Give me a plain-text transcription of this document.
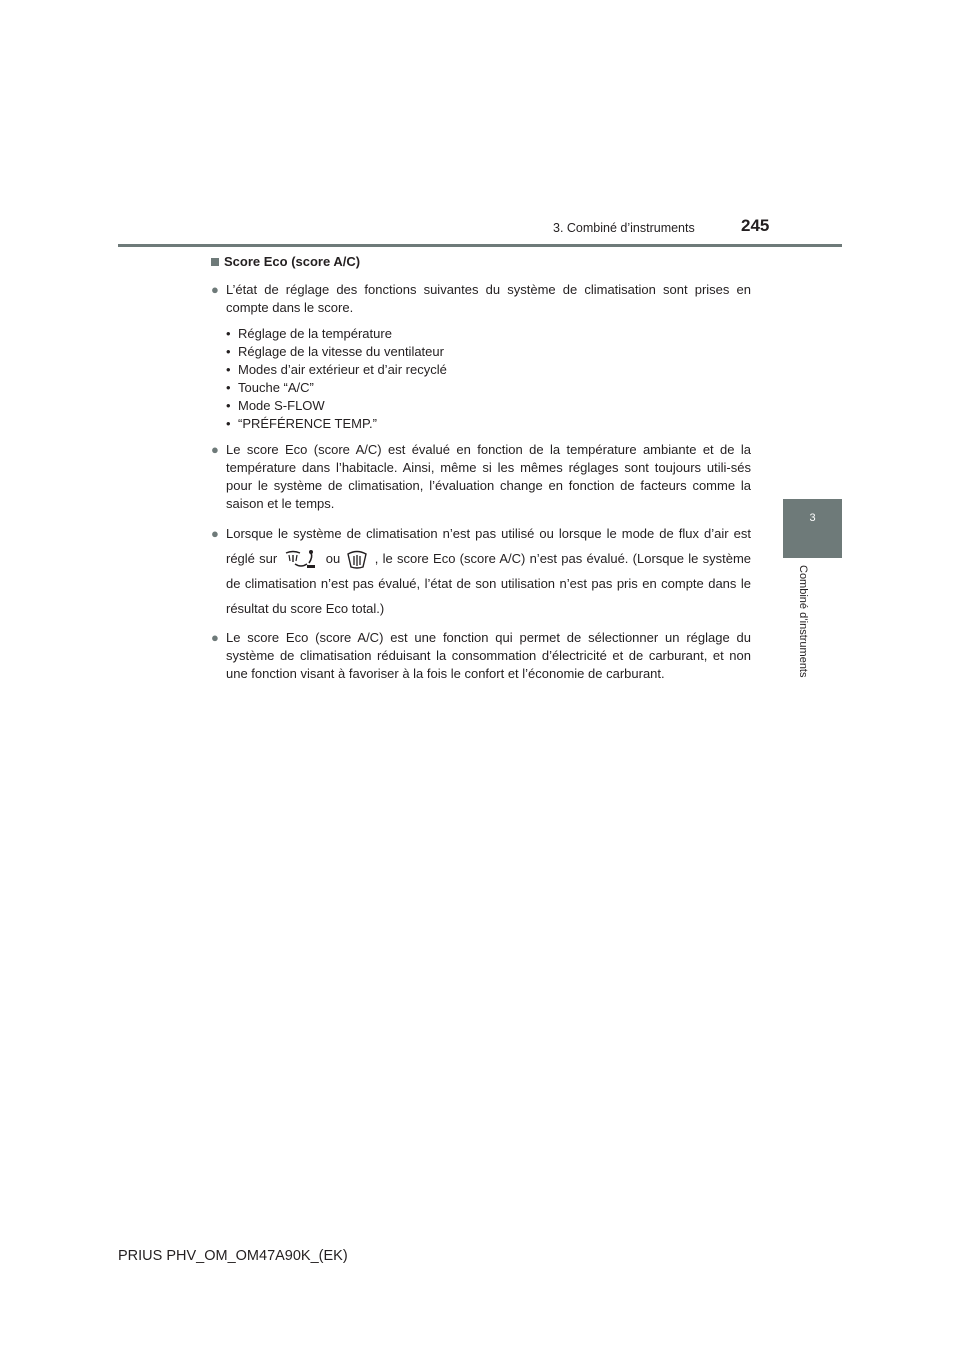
3. Combiné d’instruments	245
3
Combiné d’instruments
Score Eco (score A/C)
● L’état de réglage des fonctions suivantes du système de climatisation sont prises en compte dans le score.
• Réglage de la température
• Réglage de la vitesse du ventilateur
• Modes d’air extérieur et d’air recyclé
• Touche “A/C”
• Mode S-FLOW
• “PRÉFÉRENCE TEMP.”
● Le score Eco (score A/C) est évalué en fonction de la température ambiante et de la température dans l’habitacle. Ainsi, même si les mêmes réglages sont toujours utili-sés pour le système de climatisation, l’évaluation change en fonction de facteurs comme la saison et le temps.
● Lorsque le système de climatisation n’est pas utilisé ou lorsque le mode de flux d’air est réglé sur	ou	, le score Eco (score A/C) n’est pas évalué. (Lorsque le système de climatisation n’est pas évalué, l’état de son utilisation n’est pas pris en compte dans le résultat du score Eco total.)
● Le score Eco (score A/C) est une fonction qui permet de sélectionner un réglage du système de climatisation réduisant la consommation d’électricité et de carburant, et non une fonction visant à favoriser à la fois le confort et l’économie de carburant.
PRIUS PHV_OM_OM47A90K_(EK)
